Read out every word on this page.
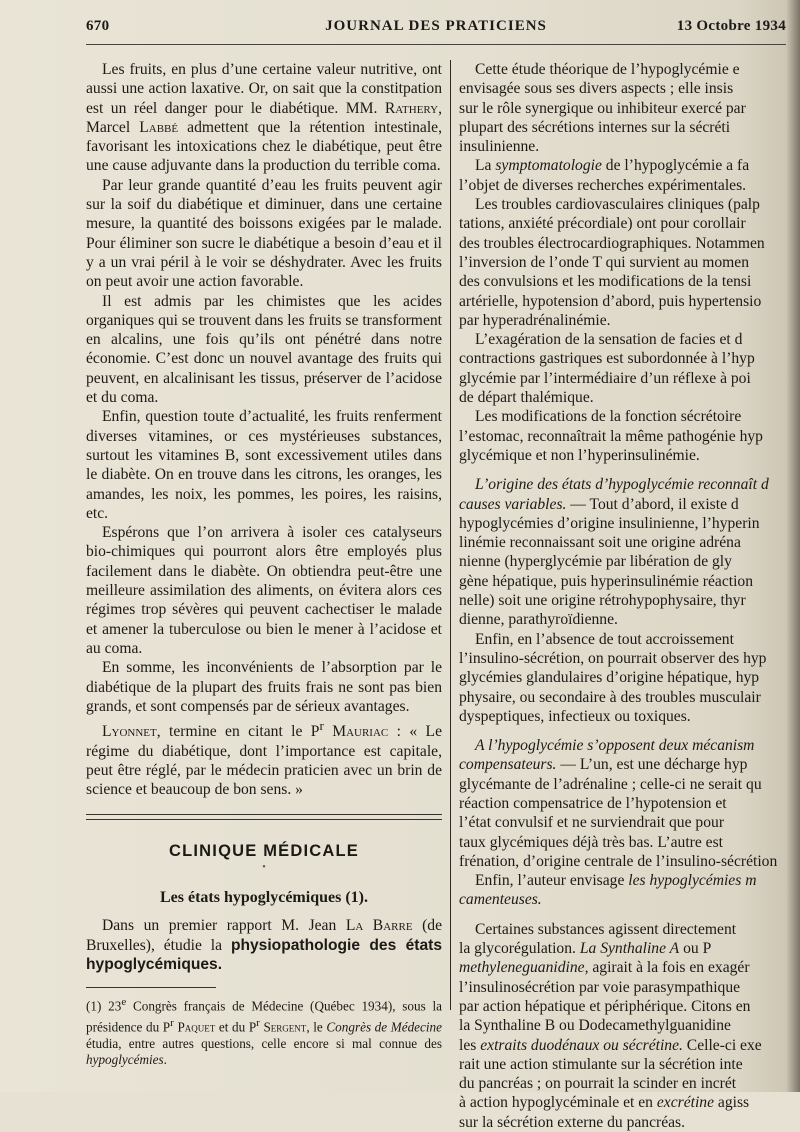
JOURNAL DES PRATICIENS
670	13 Octobre 1934

Les fruits, en plus d’une certaine valeur nutritive, ont aussi une action laxative. Or, on sait que la constitpation est un réel danger pour le diabétique. MM. Rathery, Marcel Labbé admettent que la rétention intestinale, favorisant les intoxications chez le diabétique, peut être une cause adjuvante dans la production du terrible coma.

Par leur grande quantité d’eau les fruits peuvent agir sur la soif du diabétique et diminuer, dans une certaine mesure, la quantité des boissons exigées par le malade. Pour éliminer son sucre le diabétique a besoin d’eau et il y a un vrai péril à le voir se déshydrater. Avec les fruits on peut avoir une action favorable.

Il est admis par les chimistes que les acides organiques qui se trouvent dans les fruits se transforment en alcalins, une fois qu’ils ont pénétré dans notre économie. C’est donc un nouvel avantage des fruits qui peuvent, en alcalinisant les tissus, préserver de l’acidose et du coma.

Enfin, question toute d’actualité, les fruits renferment diverses vitamines, or ces mystérieuses substances, surtout les vitamines B, sont excessivement utiles dans le diabète. On en trouve dans les citrons, les oranges, les amandes, les noix, les pommes, les poires, les raisins, etc.

Espérons que l’on arrivera à isoler ces catalyseurs bio-chimiques qui pourront alors être employés plus facilement dans le diabète. On obtiendra peut-être une meilleure assimilation des aliments, on évitera alors ces régimes trop sévères qui peuvent cachectiser le malade et amener la tuberculose ou bien le mener à l’acidose et au coma.

En somme, les inconvénients de l’absorption par le diabétique de la plupart des fruits frais ne sont pas bien grands, et sont compensés par de sérieux avantages.

Lyonnet, termine en citant le $P^r$ Mauriac : « Le régime du diabétique, dont l’importance est capitale, peut être réglé, par le médecin praticien avec un brin de science et beaucoup de bon sens. »

CLINIQUE MÉDICALE
•
Les états hypoglycémiques (1).

Dans un premier rapport M. Jean La Barre (de Bruxelles), étudie la physiopathologie des états hypoglycémiques.

(1) 23e Congrès français de Médecine (Québec 1934), sous la présidence du $P^r$ Paquet et du $P^r$ Sergent, le Congrès de Médecine étudia, entre autres questions, celle encore si mal connue des hypoglycémies.

Cette étude théorique de l’hypoglycémie e

envisagée sous ses divers aspects ; elle insis

sur le rôle synergique ou inhibiteur exercé par

plupart des sécrétions internes sur la sécréti

insulinienne.

La symptomatologie de l’hypoglycémie a fa

l’objet de diverses recherches expérimentales.

Les troubles cardiovasculaires cliniques (palp

tations, anxiété précordiale) ont pour corollair

des troubles électrocardiographiques. Notammen

l’inversion de l’onde T qui survient au momen

des convulsions et les modifications de la tensi

artérielle, hypotension d’abord, puis hypertensio

par hyperadrénalinémie.

L’exagération de la sensation de facies et d

contractions gastriques est subordonnée à l’hyp

glycémie par l’intermédiaire d’un réflexe à poi

de départ thalémique.

Les modifications de la fonction sécrétoire

l’estomac, reconnaîtrait la même pathogénie hyp

glycémique et non l’hyperinsulinémie.

L’origine des états d’hypoglycémie reconnaît d

causes variables. — Tout d’abord, il existe d

hypoglycémies d’origine insulinienne, l’hyperin

linémie reconnaissant soit une origine adréna

nienne (hyperglycémie par libération de gly

gène hépatique, puis hyperinsulinémie réaction

nelle) soit une origine rétrohypophysaire, thyr

dienne, parathyroïdienne.

Enfin, en l’absence de tout accroissement

l’insulino-sécrétion, on pourrait observer des hyp

glycémies glandulaires d’origine hépatique, hyp

physaire, ou secondaire à des troubles musculair

dyspeptiques, infectieux ou toxiques.

A l’hypoglycémie s’opposent deux mécanism

compensateurs. — L’un, est une décharge hyp

glycémante de l’adrénaline ; celle-ci ne serait qu

réaction compensatrice de l’hypotension et

l’état convulsif et ne surviendrait que pour

taux glycémiques déjà très bas. L’autre est

frénation, d’origine centrale de l’insulino-sécrétion

Enfin, l’auteur envisage les hypoglycémies m

camenteuses.

Certaines substances agissent directement

la glycorégulation. La Synthaline A ou P

methyleneguanidine, agirait à la fois en exagér

l’insulinosécrétion par voie parasympathique

par action hépatique et périphérique. Citons en

la Synthaline B ou Dodecamethylguanidine

les extraits duodénaux ou sécrétine. Celle-ci exe

rait une action stimulante sur la sécrétion inte

du pancréas ; on pourrait la scinder en incrét

à action hypoglycéminale et en excrétine agiss

sur la sécrétion externe du pancréas.
